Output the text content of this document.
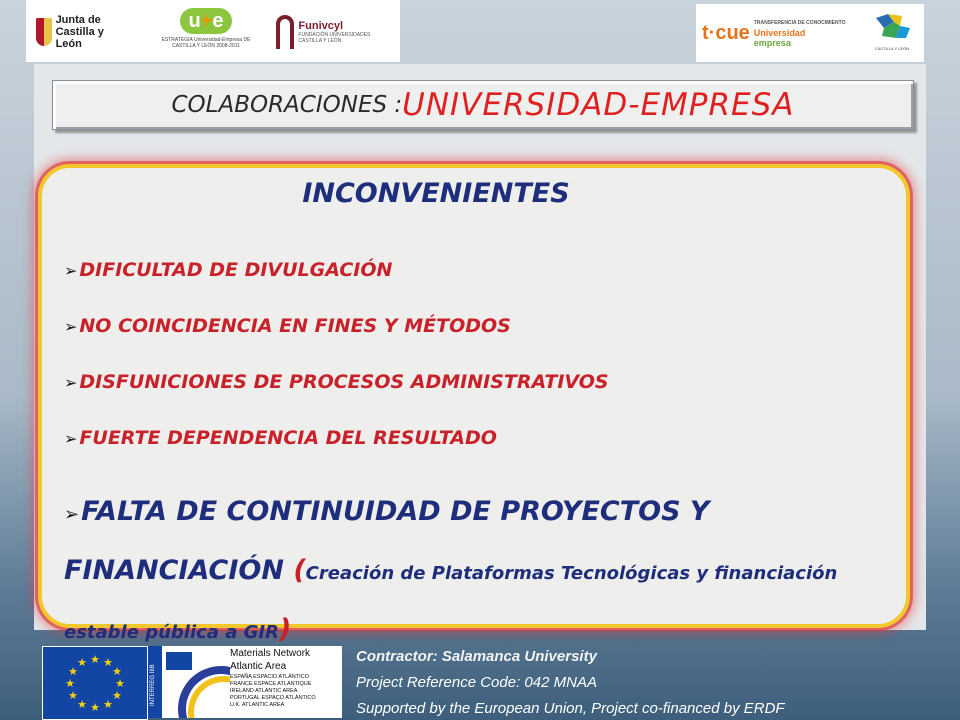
Junta de
Castilla y León
u+e
ESTRATEGIA Universidad-Empresa DE CASTILLA Y LEÓN 2008-2011
Funivcyl
FUNDACIÓN UNIVERSIDADES CASTILLA Y LEÓN	t·cue TRANSFERENCIA DE CONOCIMIENTO
Universidad
empresa
CASTILLA Y LEÓN
COLABORACIONES : UNIVERSIDAD-EMPRESA
INCONVENIENTES
➢ DIFICULTAD DE DIVULGACIÓN
➢ NO COINCIDENCIA EN FINES Y MÉTODOS
➢ DISFUNICIONES DE PROCESOS ADMINISTRATIVOS
➢ FUERTE DEPENDENCIA DEL RESULTADO
➢FALTA DE CONTINUIDAD DE PROYECTOS Y FINANCIACIÓN (Creación de Plataformas Tecnológicas y financiación estable pública a GIR)
★ ★
★
★
★
★
★
★
★
★
★
★
INTERREG IIIB
Materials Network
Atlantic Area
ESPAÑA ESPACIO ATLÁNTICO
FRANCE ESPACE ATLANTIQUE
IRELAND ATLANTIC AREA
PORTUGAL ESPAÇO ATLÂNTICO
U.K. ATLANTIC AREA
Contractor: Salamanca University
Project Reference Code: 042 MNAA
Supported by the European Union, Project co-financed by ERDF
